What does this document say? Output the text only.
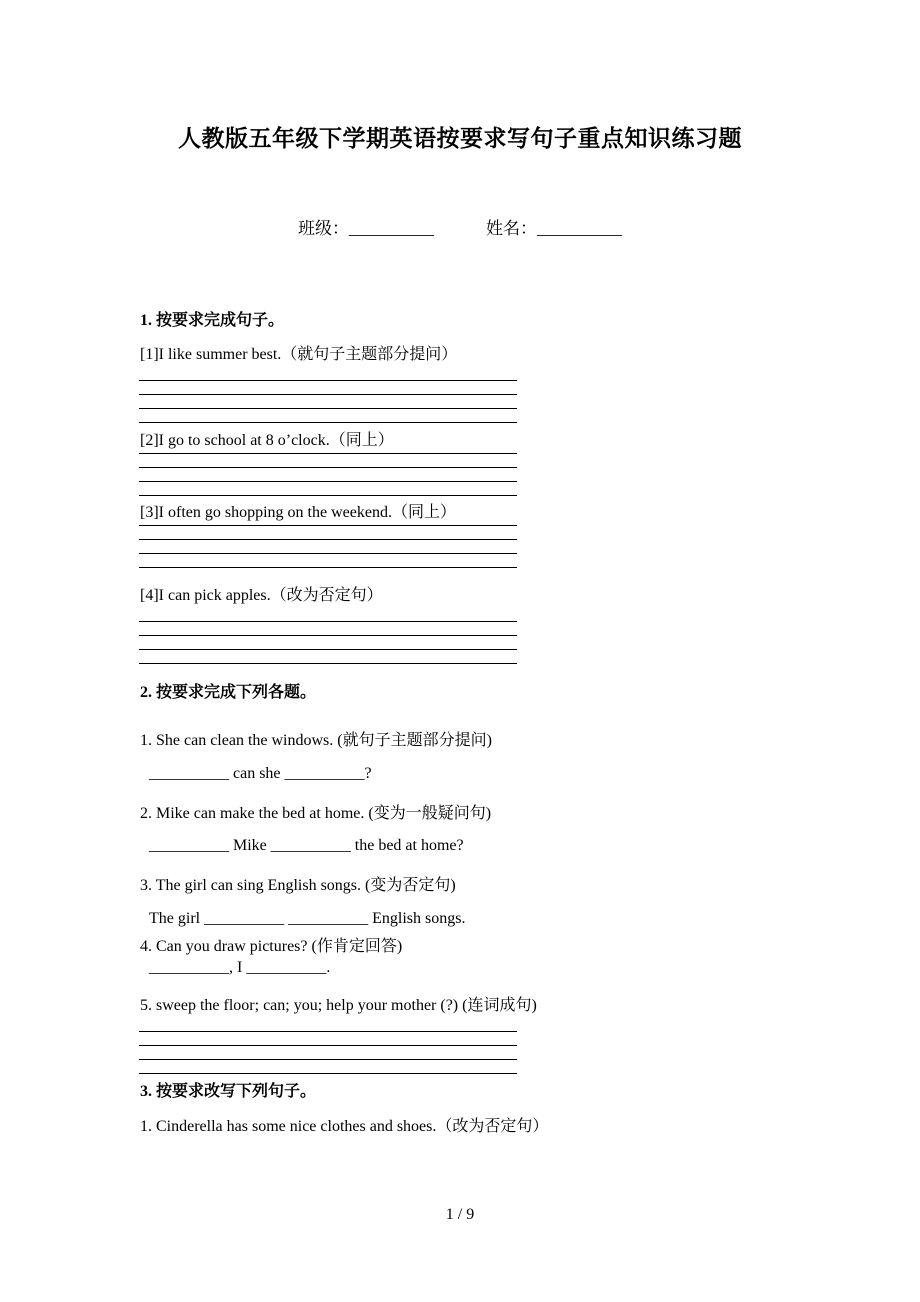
人教版五年级下学期英语按要求写句子重点知识练习题
班级：__________	姓名：__________
1. 按要求完成句子。
[1]I like summer best.（就句子主题部分提问）
[2]I go to school at 8 o’clock.（同上）
[3]I often go shopping on the weekend.（同上）
[4]I can pick apples.（改为否定句）
2. 按要求完成下列各题。
1. She can clean the windows. (就句子主题部分提问)
__________ can she __________?
2. Mike can make the bed at home. (变为一般疑问句)
__________ Mike __________ the bed at home?
3. The girl can sing English songs. (变为否定句)
The girl __________ __________ English songs.
4. Can you draw pictures? (作肯定回答)
__________, I __________.
5. sweep the floor; can; you; help your mother (?) (连词成句)
3. 按要求改写下列句子。
1. Cinderella has some nice clothes and shoes.（改为否定句）
1 / 9
